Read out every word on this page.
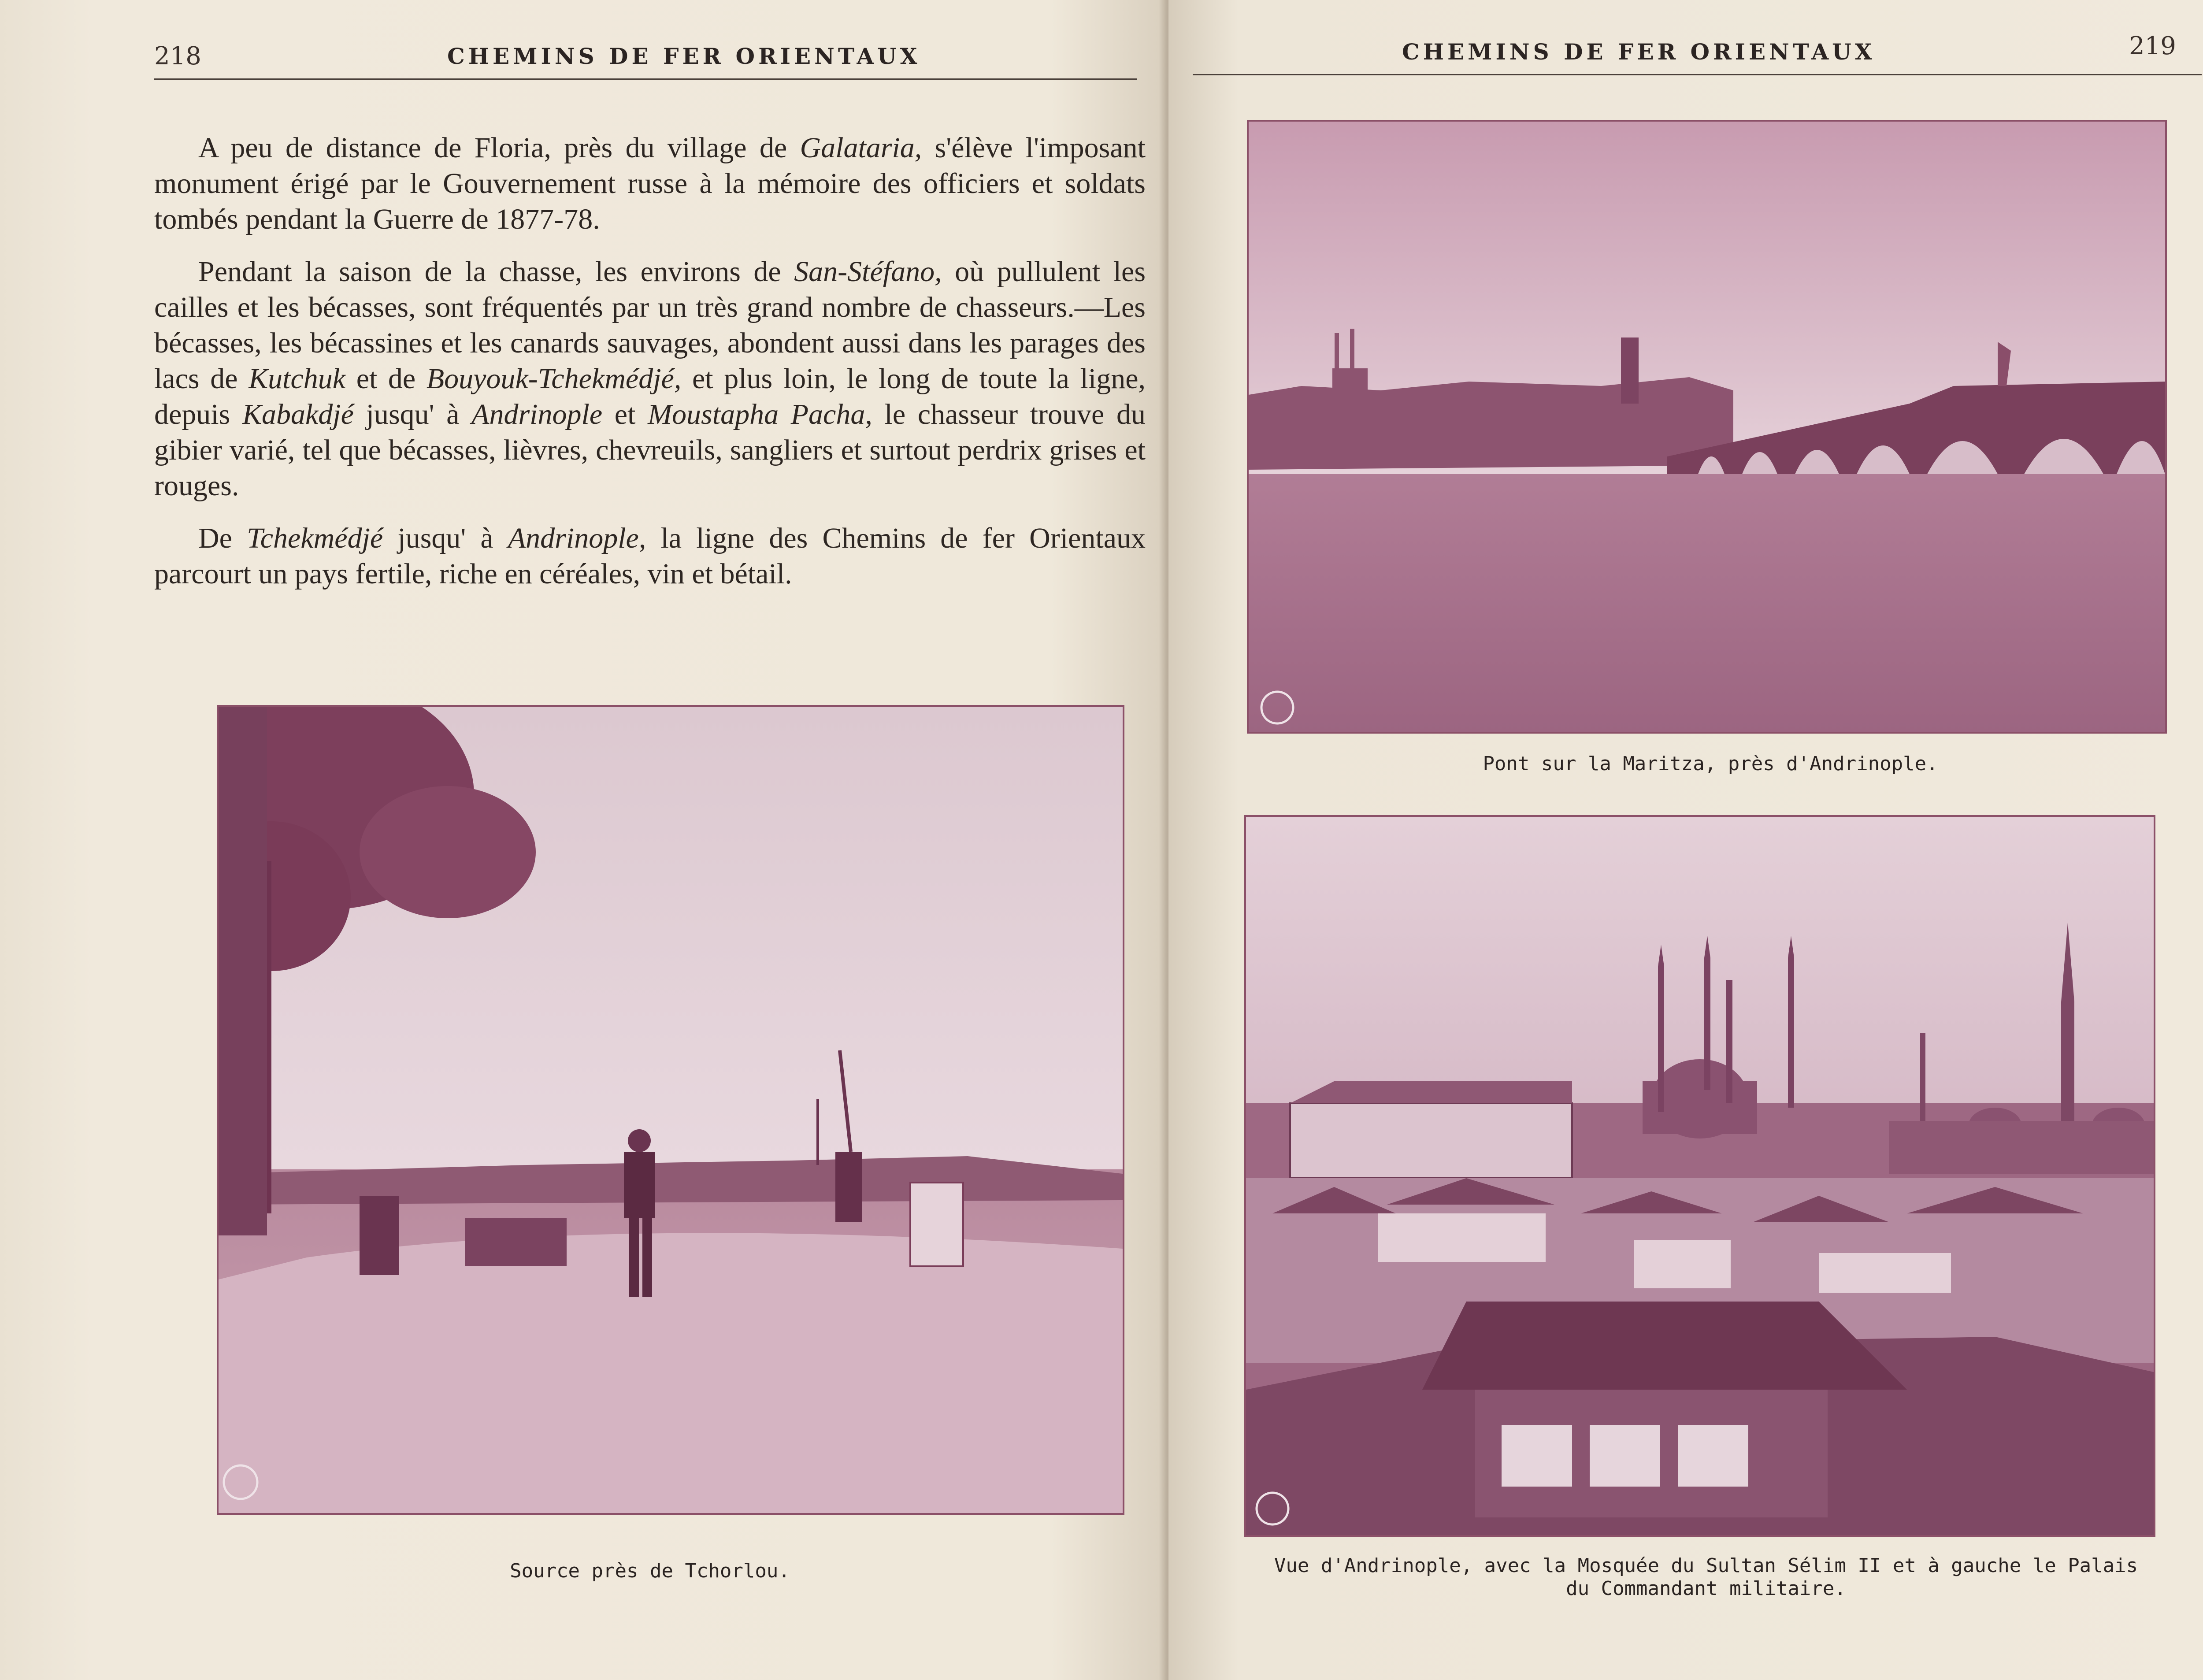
218	CHEMINS DE FER ORIENTAUX

A peu de distance de Floria, près du village de Galataria, s'élève l'imposant monument érigé par le Gouvernement russe à la mémoire des officiers et soldats tombés pendant la Guerre de 1877-78.

Pendant la saison de la chasse, les environs de San-Stéfano, où pullulent les cailles et les bécasses, sont fréquentés par un très grand nombre de chasseurs.—Les bécasses, les bécassines et les canards sauvages, abondent aussi dans les parages des lacs de Kutchuk et de Bouyouk-Tchekmédjé, et plus loin, le long de toute la ligne, depuis Kabakdjé jusqu' à Andrinople et Moustapha Pacha, le chasseur trouve du gibier varié, tel que bécasses, lièvres, chevreuils, sangliers et surtout perdrix grises et rouges.

De Tchekmédjé jusqu' à Andrinople, la ligne des Chemins de fer Orientaux parcourt un pays fertile, riche en céréales, vin et bétail.

Source près de Tchorlou.
CHEMINS DE FER ORIENTAUX	219
Pont sur la Maritza, près d'Andrinople.
Vue d'Andrinople, avec la Mosquée du Sultan Sélim II et à gauche le Palais
du Commandant militaire.
